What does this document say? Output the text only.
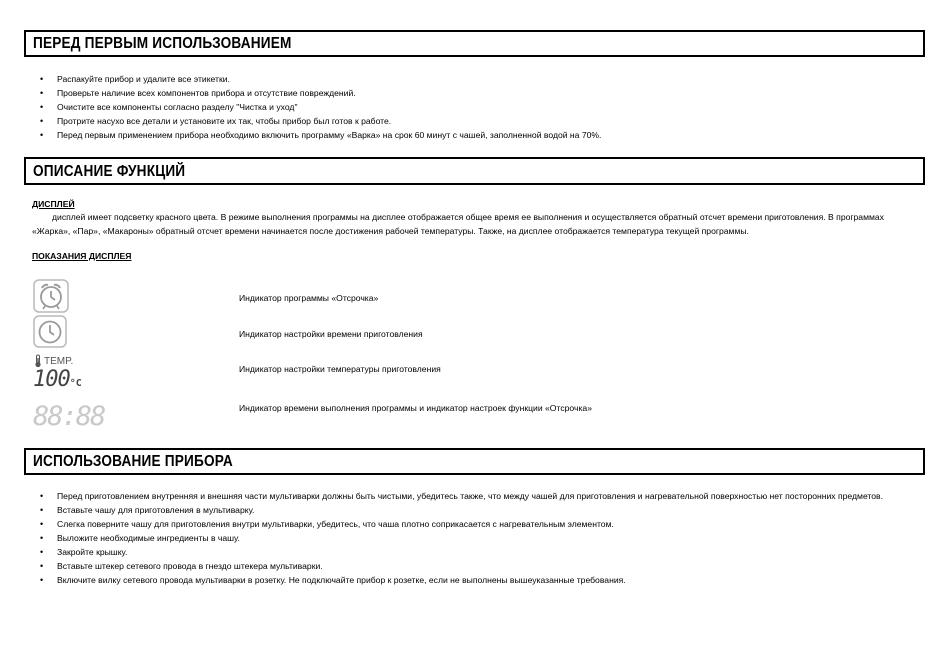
ПЕРЕД ПЕРВЫМ ИСПОЛЬЗОВАНИЕМ
• Распакуйте прибор и удалите все этикетки.
• Проверьте наличие всех компонентов прибора и отсутствие повреждений.
• Очистите все компоненты согласно разделу "Чистка и уход"
• Протрите насухо все детали и установите их так, чтобы прибор был готов к работе.
• Перед первым применением прибора необходимо включить программу «Варка» на срок 60 минут с чашей, заполненной водой на 70%.
ОПИСАНИЕ ФУНКЦИЙ
ДИСПЛЕЙ
дисплей имеет подсветку красного цвета. В режиме выполнения программы на дисплее отображается общее время ее выполнения и осуществляется обратный отсчет времени приготовления. В программах «Жарка», «Пар», «Макароны» обратный отсчет времени начинается после достижения рабочей температуры. Также, на дисплее отображается температура текущей программы.
ПОКАЗАНИЯ ДИСПЛЕЯ
Индикатор программы «Отсрочка»
Индикатор настройки времени приготовления
TEMP.
100°C
Индикатор настройки температуры приготовления
88:88	Индикатор времени выполнения программы и индикатор настроек функции «Отсрочка»
ИСПОЛЬЗОВАНИЕ ПРИБОРА
• Перед приготовлением внутренняя и внешняя части мультиварки должны быть чистыми, убедитесь также, что между чашей для приготовления и нагревательной поверхностью нет посторонних предметов.
• Вставьте чашу для приготовления в мультиварку.
• Слегка поверните чашу для приготовления внутри мультиварки, убедитесь, что чаша плотно соприкасается с нагревательным элементом.
• Выложите необходимые ингредиенты в чашу.
• Закройте крышку.
• Вставьте штекер сетевого провода в гнездо штекера мультиварки.
• Включите вилку сетевого провода мультиварки в розетку. Не подключайте прибор к розетке, если не выполнены вышеуказанные требования.
